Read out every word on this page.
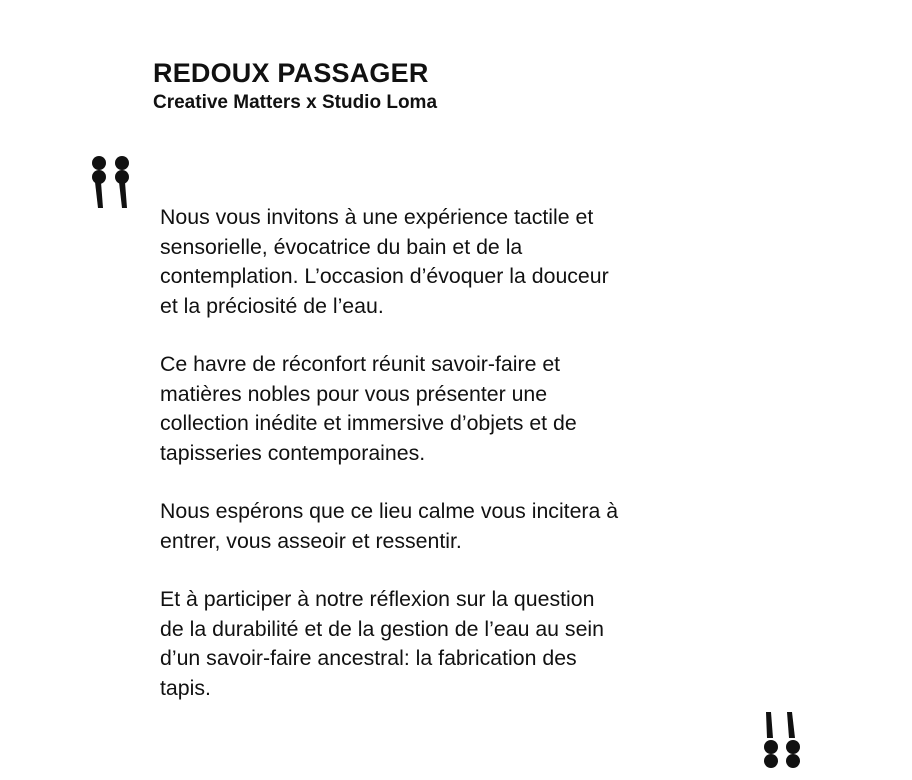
REDOUX PASSAGER

Creative Matters x Studio Loma

Nous vous invitons à une expérience tactile et
sensorielle, évocatrice du bain et de la
contemplation. L’occasion d’évoquer la douceur
et la préciosité de l’eau.

Ce havre de réconfort réunit savoir-faire et
matières nobles pour vous présenter une
collection inédite et immersive d’objets et de
tapisseries contemporaines.

Nous espérons que ce lieu calme vous incitera à
entrer, vous asseoir et ressentir.

Et à participer à notre réflexion sur la question
de la durabilité et de la gestion de l’eau au sein
d’un savoir-faire ancestral: la fabrication des
tapis.
